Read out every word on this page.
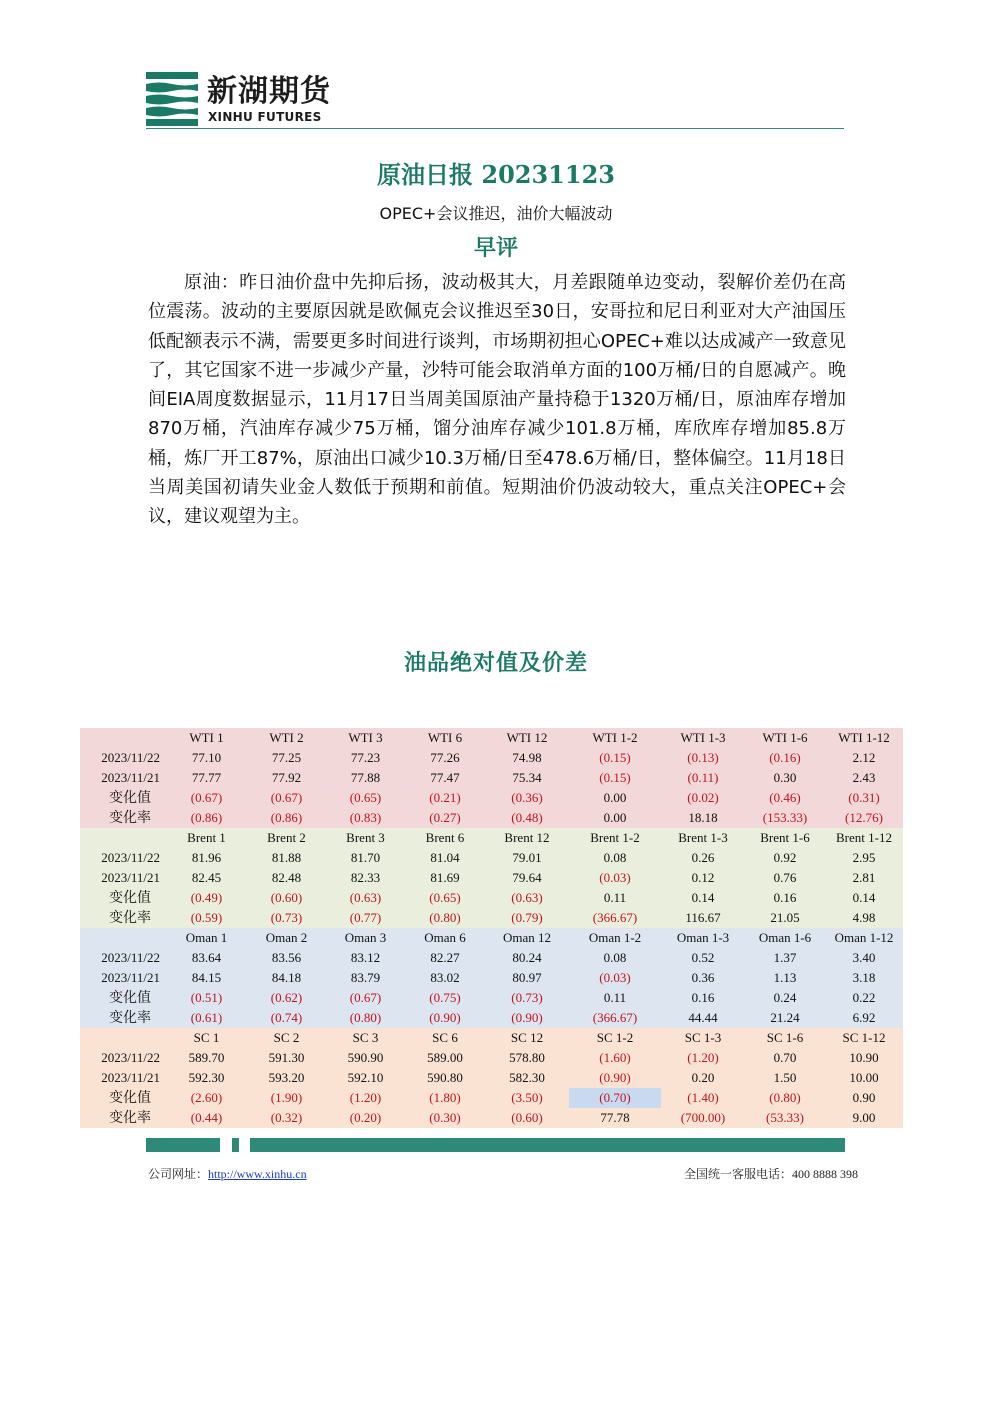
新湖期货
XINHU FUTURES
原油日报 20231123
OPEC+会议推迟，油价大幅波动
早评

原油：昨日油价盘中先抑后扬，波动极其大，月差跟随单边变动，裂解价差仍在高位震荡。波动的主要原因就是欧佩克会议推迟至30日，安哥拉和尼日利亚对大产油国压低配额表示不满，需要更多时间进行谈判，市场期初担心OPEC+难以达成减产一致意见了，其它国家不进一步减少产量，沙特可能会取消单方面的100万桶/日的自愿减产。晚间EIA周度数据显示，11月17日当周美国原油产量持稳于1320万桶/日，原油库存增加870万桶，汽油库存减少75万桶，馏分油库存减少101.8万桶，库欣库存增加85.8万桶，炼厂开工87%，原油出口减少10.3万桶/日至478.6万桶/日，整体偏空。11月18日当周美国初请失业金人数低于预期和前值。短期油价仍波动较大，重点关注OPEC+会议，建议观望为主。

油品绝对值及价差
	WTI 1	WTI 2	WTI 3	WTI 6	WTI 12	WTI 1-2	WTI 1-3	WTI 1-6	WTI 1-12
2023/11/22	77.10	77.25	77.23	77.26	74.98	(0.15)	(0.13)	(0.16)	2.12
2023/11/21	77.77	77.92	77.88	77.47	75.34	(0.15)	(0.11)	0.30	2.43
变化值	(0.67)	(0.67)	(0.65)	(0.21)	(0.36)	0.00	(0.02)	(0.46)	(0.31)
变化率	(0.86)	(0.86)	(0.83)	(0.27)	(0.48)	0.00	18.18	(153.33)	(12.76)
	Brent 1	Brent 2	Brent 3	Brent 6	Brent 12	Brent 1-2	Brent 1-3	Brent 1-6	Brent 1-12
2023/11/22	81.96	81.88	81.70	81.04	79.01	0.08	0.26	0.92	2.95
2023/11/21	82.45	82.48	82.33	81.69	79.64	(0.03)	0.12	0.76	2.81
变化值	(0.49)	(0.60)	(0.63)	(0.65)	(0.63)	0.11	0.14	0.16	0.14
变化率	(0.59)	(0.73)	(0.77)	(0.80)	(0.79)	(366.67)	116.67	21.05	4.98
	Oman 1	Oman 2	Oman 3	Oman 6	Oman 12	Oman 1-2	Oman 1-3	Oman 1-6	Oman 1-12
2023/11/22	83.64	83.56	83.12	82.27	80.24	0.08	0.52	1.37	3.40
2023/11/21	84.15	84.18	83.79	83.02	80.97	(0.03)	0.36	1.13	3.18
变化值	(0.51)	(0.62)	(0.67)	(0.75)	(0.73)	0.11	0.16	0.24	0.22
变化率	(0.61)	(0.74)	(0.80)	(0.90)	(0.90)	(366.67)	44.44	21.24	6.92
	SC 1	SC 2	SC 3	SC 6	SC 12	SC 1-2	SC 1-3	SC 1-6	SC 1-12
2023/11/22	589.70	591.30	590.90	589.00	578.80	(1.60)	(1.20)	0.70	10.90
2023/11/21	592.30	593.20	592.10	590.80	582.30	(0.90)	0.20	1.50	10.00
变化值	(2.60)	(1.90)	(1.20)	(1.80)	(3.50)	(0.70)	(1.40)	(0.80)	0.90
变化率	(0.44)	(0.32)	(0.20)	(0.30)	(0.60)	77.78	(700.00)	(53.33)	9.00
公司网址：http://www.xinhu.cn	全国统一客服电话：400 8888 398
